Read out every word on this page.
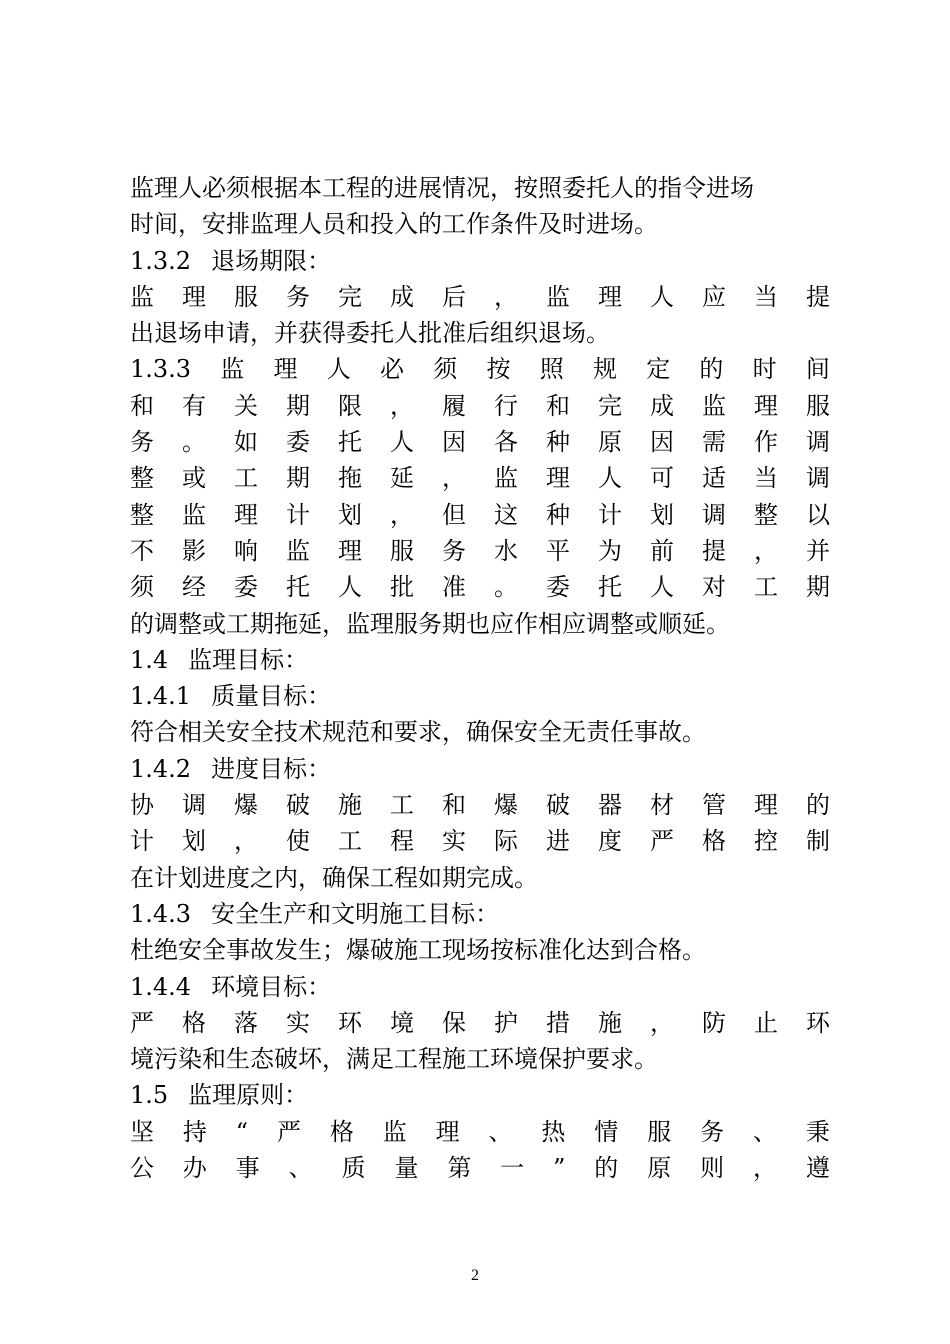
监理人必须根据本工程的进展情况，按照委托人的指令进场
时间，安排监理人员和投入的工作条件及时进场。
1.3.2 退场期限：
监 理 服 务 完 成 后 ， 监 理 人 应 当 提
出退场申请，并获得委托人批准后组织退场。
1.3.3 监 理 人 必 须 按 照 规 定 的 时 间
和 有 关 期 限 ， 履 行 和 完 成 监 理 服
务 。 如 委 托 人 因 各 种 原 因 需 作 调
整 或 工 期 拖 延 ， 监 理 人 可 适 当 调
整 监 理 计 划 ， 但 这 种 计 划 调 整 以
不 影 响 监 理 服 务 水 平 为 前 提 ， 并
须 经 委 托 人 批 准 。 委 托 人 对 工 期
的调整或工期拖延，监理服务期也应作相应调整或顺延。
1.4 监理目标：
1.4.1 质量目标：
符合相关安全技术规范和要求，确保安全无责任事故。
1.4.2 进度目标：
协 调 爆 破 施 工 和 爆 破 器 材 管 理 的
计 划 ， 使 工 程 实 际 进 度 严 格 控 制
在计划进度之内，确保工程如期完成。
1.4.3 安全生产和文明施工目标：
杜绝安全事故发生；爆破施工现场按标准化达到合格。
1.4.4 环境目标：
严 格 落 实 环 境 保 护 措 施 ， 防 止 环
境污染和生态破坏，满足工程施工环境保护要求。
1.5 监理原则：
坚 持 “ 严 格 监 理 、 热 情 服 务 、 秉
公 办 事 、 质 量 第 一 ” 的 原 则 ， 遵
2
